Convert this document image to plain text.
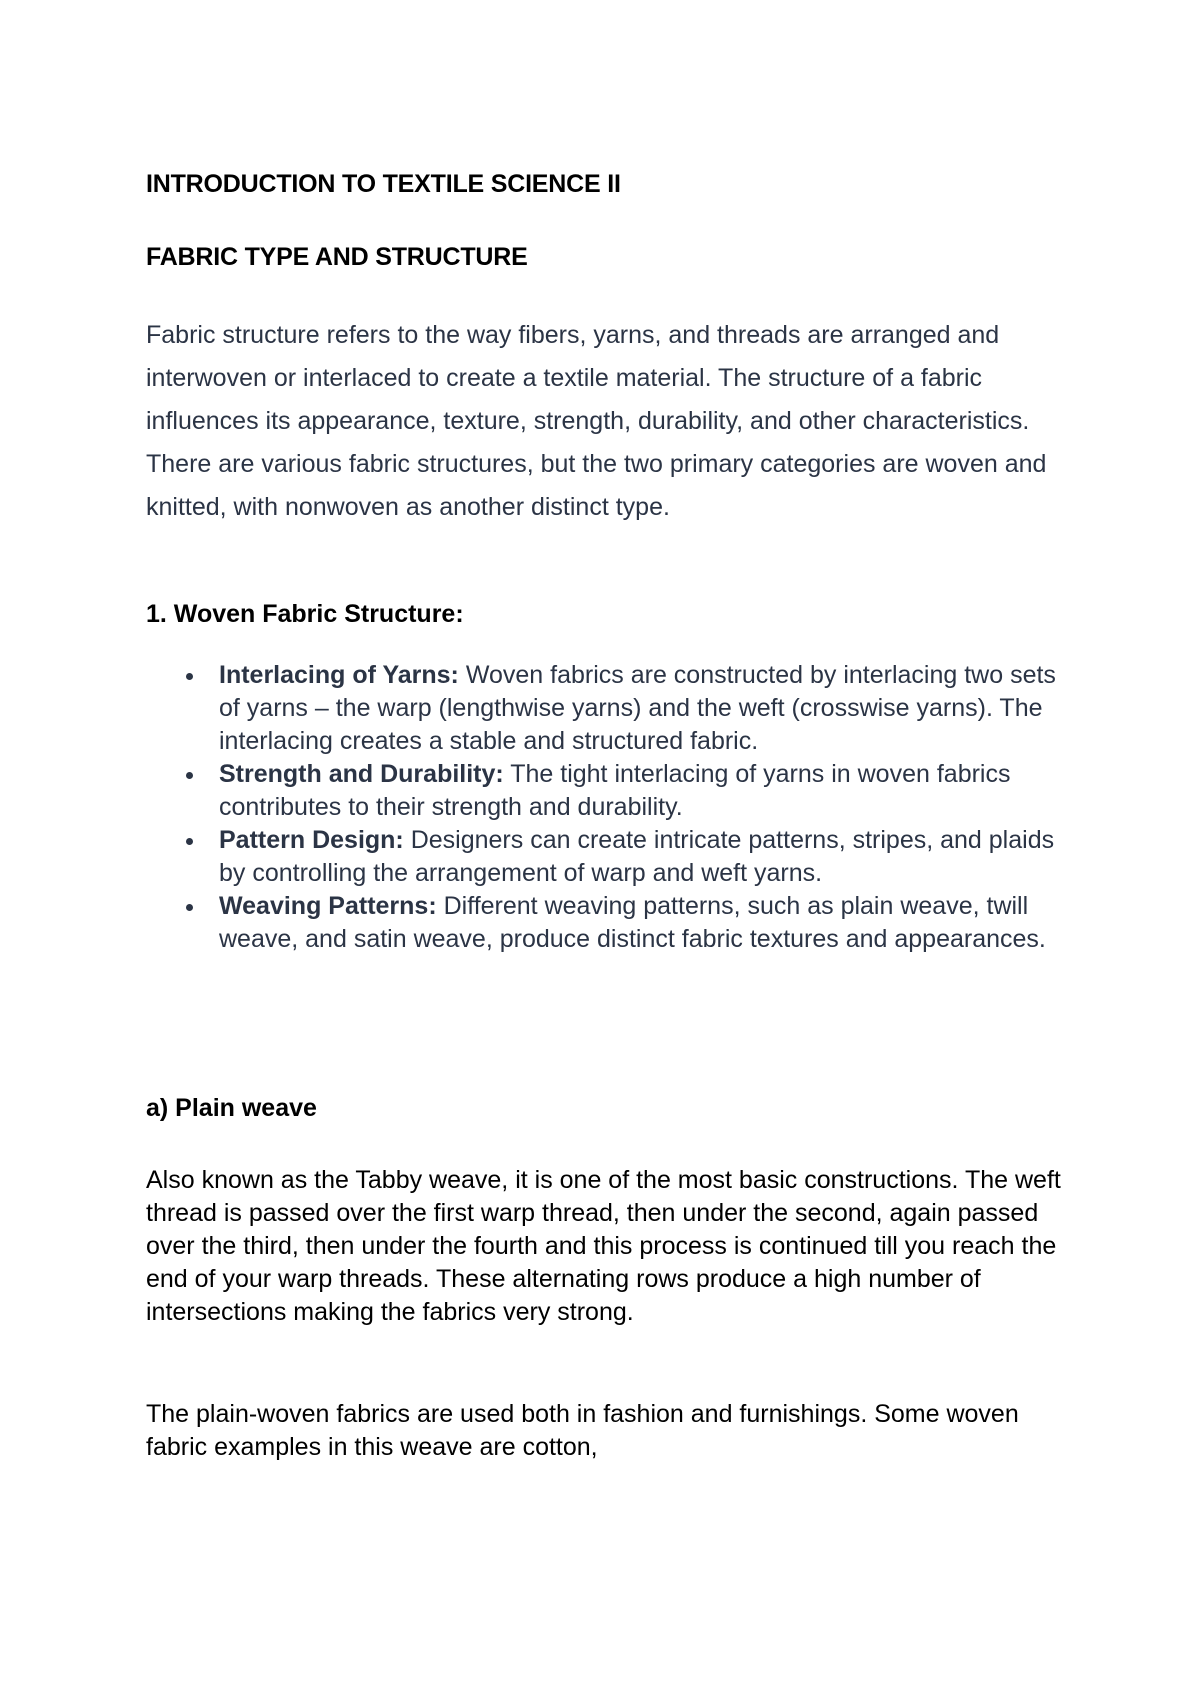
INTRODUCTION TO TEXTILE SCIENCE II
FABRIC TYPE AND STRUCTURE

Fabric structure refers to the way fibers, yarns, and threads are arranged and interwoven or interlaced to create a textile material. The structure of a fabric influences its appearance, texture, strength, durability, and other characteristics. There are various fabric structures, but the two primary categories are woven and knitted, with nonwoven as another distinct type.

1. Woven Fabric Structure:
Interlacing of Yarns: Woven fabrics are constructed by interlacing two sets of yarns – the warp (lengthwise yarns) and the weft (crosswise yarns). The interlacing creates a stable and structured fabric.
Strength and Durability: The tight interlacing of yarns in woven fabrics contributes to their strength and durability.
Pattern Design: Designers can create intricate patterns, stripes, and plaids by controlling the arrangement of warp and weft yarns.
Weaving Patterns: Different weaving patterns, such as plain weave, twill weave, and satin weave, produce distinct fabric textures and appearances.
a) Plain weave

Also known as the Tabby weave, it is one of the most basic constructions. The weft thread is passed over the first warp thread, then under the second, again passed over the third, then under the fourth and this process is continued till you reach the end of your warp threads. These alternating rows produce a high number of intersections making the fabrics very strong.

The plain-woven fabrics are used both in fashion and furnishings. Some woven fabric examples in this weave are cotton,
